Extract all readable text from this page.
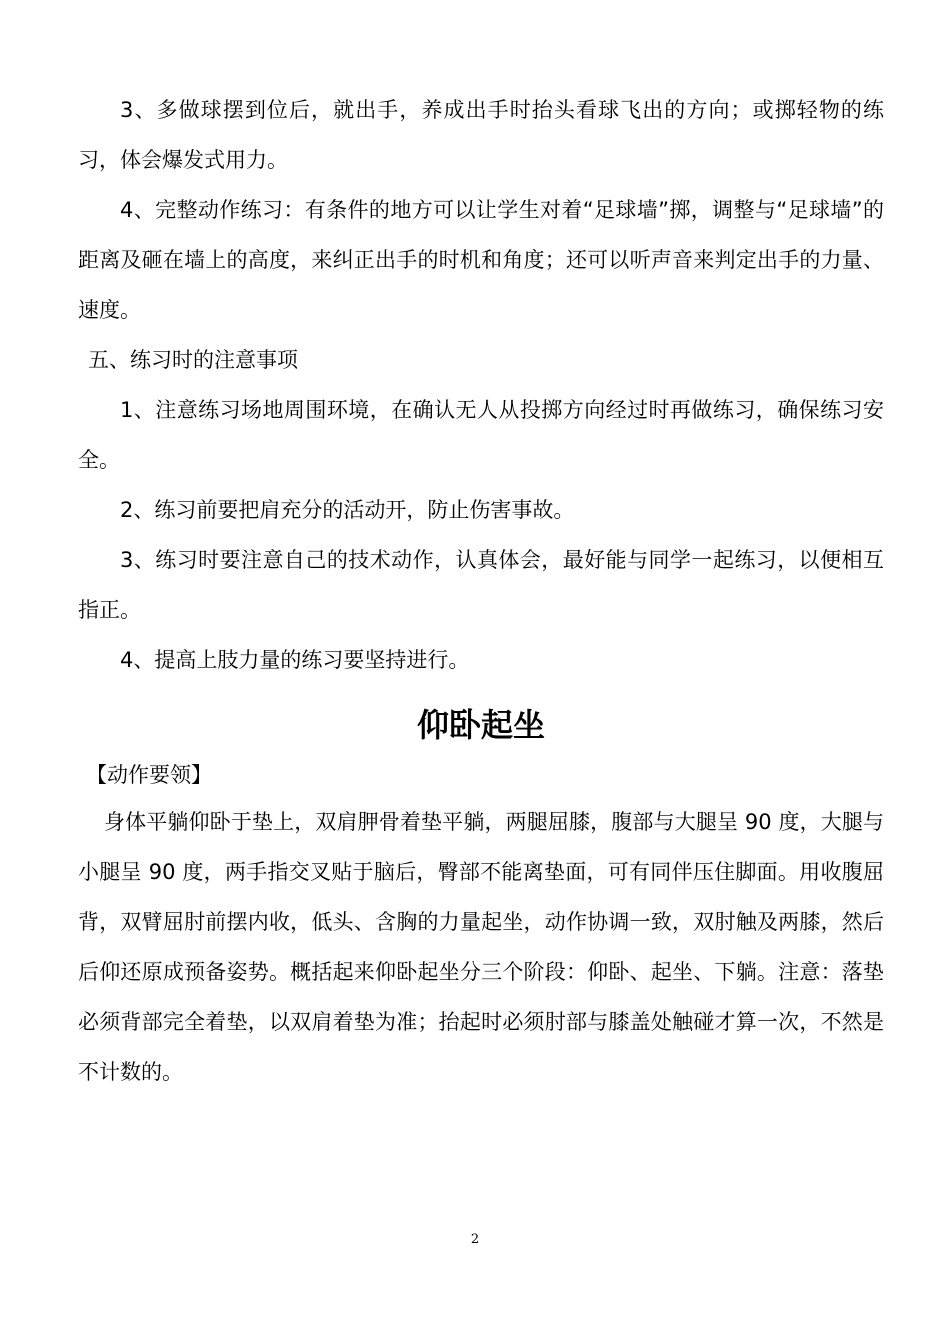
3、多做球摆到位后，就出手，养成出手时抬头看球飞出的方向；或掷轻物的练习，体会爆发式用力。

4、完整动作练习：有条件的地方可以让学生对着“足球墙”掷，调整与“足球墙”的距离及砸在墙上的高度，来纠正出手的时机和角度；还可以听声音来判定出手的力量、速度。

五、练习时的注意事项

1、注意练习场地周围环境，在确认无人从投掷方向经过时再做练习，确保练习安全。

2、练习前要把肩充分的活动开，防止伤害事故。

3、练习时要注意自己的技术动作，认真体会，最好能与同学一起练习，以便相互指正。

4、提高上肢力量的练习要坚持进行。

仰卧起坐

【动作要领】

身体平躺仰卧于垫上，双肩胛骨着垫平躺，两腿屈膝，腹部与大腿呈 90 度，大腿与小腿呈 90 度，两手指交叉贴于脑后，臀部不能离垫面，可有同伴压住脚面。用收腹屈背，双臂屈肘前摆内收，低头、含胸的力量起坐，动作协调一致，双肘触及两膝，然后后仰还原成预备姿势。概括起来仰卧起坐分三个阶段：仰卧、起坐、下躺。注意：落垫必须背部完全着垫，以双肩着垫为准；抬起时必须肘部与膝盖处触碰才算一次，不然是不计数的。

2
